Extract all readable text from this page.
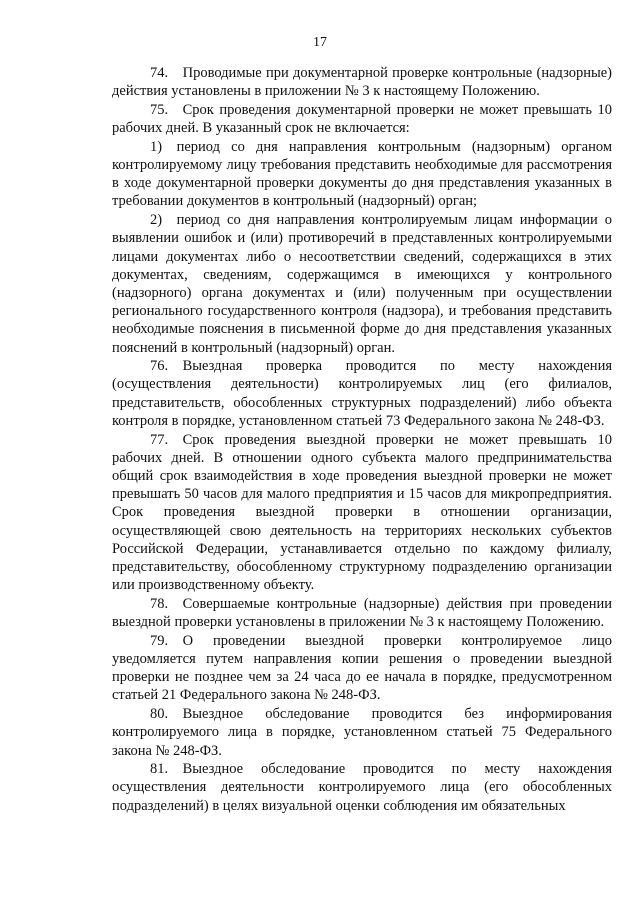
17

74. Проводимые при документарной проверке контрольные (надзорные) действия установлены в приложении № 3 к настоящему Положению.

75. Срок проведения документарной проверки не может превышать 10 рабочих дней. В указанный срок не включается:

1) период со дня направления контрольным (надзорным) органом контролируемому лицу требования представить необходимые для рассмотрения в ходе документарной проверки документы до дня представления указанных в требовании документов в контрольный (надзорный) орган;

2) период со дня направления контролируемым лицам информации о выявлении ошибок и (или) противоречий в представленных контролируемыми лицами документах либо о несоответствии сведений, содержащихся в этих документах, сведениям, содержащимся в имеющихся у контрольного (надзорного) органа документах и (или) полученным при осуществлении регионального государственного контроля (надзора), и требования представить необходимые пояснения в письменной форме до дня представления указанных пояснений в контрольный (надзорный) орган.

76. Выездная проверка проводится по месту нахождения (осуществления деятельности) контролируемых лиц (его филиалов, представительств, обособленных структурных подразделений) либо объекта контроля в порядке, установленном статьей 73 Федерального закона № 248-ФЗ.

77. Срок проведения выездной проверки не может превышать 10 рабочих дней. В отношении одного субъекта малого предпринимательства общий срок взаимодействия в ходе проведения выездной проверки не может превышать 50 часов для малого предприятия и 15 часов для микропредприятия. Срок проведения выездной проверки в отношении организации, осуществляющей свою деятельность на территориях нескольких субъектов Российской Федерации, устанавливается отдельно по каждому филиалу, представительству, обособленному структурному подразделению организации или производственному объекту.

78. Совершаемые контрольные (надзорные) действия при проведении выездной проверки установлены в приложении № 3 к настоящему Положению.

79. О проведении выездной проверки контролируемое лицо уведомляется путем направления копии решения о проведении выездной проверки не позднее чем за 24 часа до ее начала в порядке, предусмотренном статьей 21 Федерального закона № 248-ФЗ.

80. Выездное обследование проводится без информирования контролируемого лица в порядке, установленном статьей 75 Федерального закона № 248-ФЗ.

81. Выездное обследование проводится по месту нахождения осуществления деятельности контролируемого лица (его обособленных подразделений) в целях визуальной оценки соблюдения им обязательных
